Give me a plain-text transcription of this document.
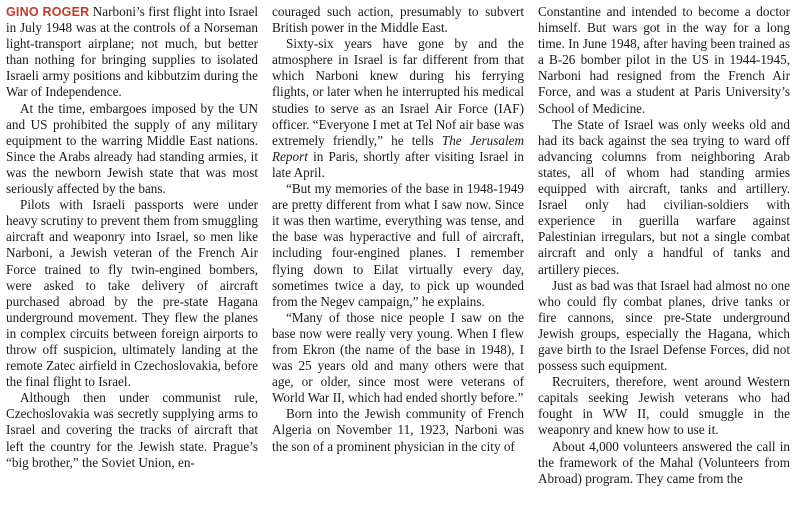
GINO ROGER Narboni’s first flight into Israel in July 1948 was at the controls of a Norseman light-transport airplane; not much, but better than nothing for bringing supplies to isolated Israeli army positions and kibbutzim during the War of Independence.

At the time, embargoes imposed by the UN and US prohibited the supply of any military equipment to the warring Middle East nations. Since the Arabs already had standing armies, it was the newborn Jewish state that was most seriously affected by the bans.

Pilots with Israeli passports were under heavy scrutiny to prevent them from smuggling aircraft and weaponry into Israel, so men like Narboni, a Jewish veteran of the French Air Force trained to fly twin-engined bombers, were asked to take delivery of aircraft purchased abroad by the pre-state Hagana underground movement. They flew the planes in complex circuits between foreign airports to throw off suspicion, ultimately landing at the remote Zatec airfield in Czechoslovakia, before the final flight to Israel.

Although then under communist rule, Czechoslovakia was secretly supplying arms to Israel and covering the tracks of aircraft that left the country for the Jewish state. Prague’s “big brother,” the Soviet Union, en-

couraged such action, presumably to subvert British power in the Middle East.

Sixty-six years have gone by and the atmosphere in Israel is far different from that which Narboni knew during his ferrying flights, or later when he interrupted his medical studies to serve as an Israel Air Force (IAF) officer. “Everyone I met at Tel Nof air base was extremely friendly,” he tells The Jerusalem Report in Paris, shortly after visiting Israel in late April.

“But my memories of the base in 1948-1949 are pretty different from what I saw now. Since it was then wartime, everything was tense, and the base was hyperactive and full of aircraft, including four-engined planes. I remember flying down to Eilat virtually every day, sometimes twice a day, to pick up wounded from the Negev campaign,” he explains.

“Many of those nice people I saw on the base now were really very young. When I flew from Ekron (the name of the base in 1948), I was 25 years old and many others were that age, or older, since most were veterans of World War II, which had ended shortly before.”

Born into the Jewish community of French Algeria on November 11, 1923, Narboni was the son of a prominent physician in the city of

Constantine and intended to become a doctor himself. But wars got in the way for a long time. In June 1948, after having been trained as a B-26 bomber pilot in the US in 1944-1945, Narboni had resigned from the French Air Force, and was a student at Paris University’s School of Medicine.

The State of Israel was only weeks old and had its back against the sea trying to ward off advancing columns from neighboring Arab states, all of whom had standing armies equipped with aircraft, tanks and artillery. Israel only had civilian-soldiers with experience in guerilla warfare against Palestinian irregulars, but not a single combat aircraft and only a handful of tanks and artillery pieces.

Just as bad was that Israel had almost no one who could fly combat planes, drive tanks or fire cannons, since pre-State underground Jewish groups, especially the Hagana, which gave birth to the Israel Defense Forces, did not possess such equipment.

Recruiters, therefore, went around Western capitals seeking Jewish veterans who had fought in WW II, could smuggle in the weaponry and knew how to use it.

About 4,000 volunteers answered the call in the framework of the Mahal (Volunteers from Abroad) program. They came from the
